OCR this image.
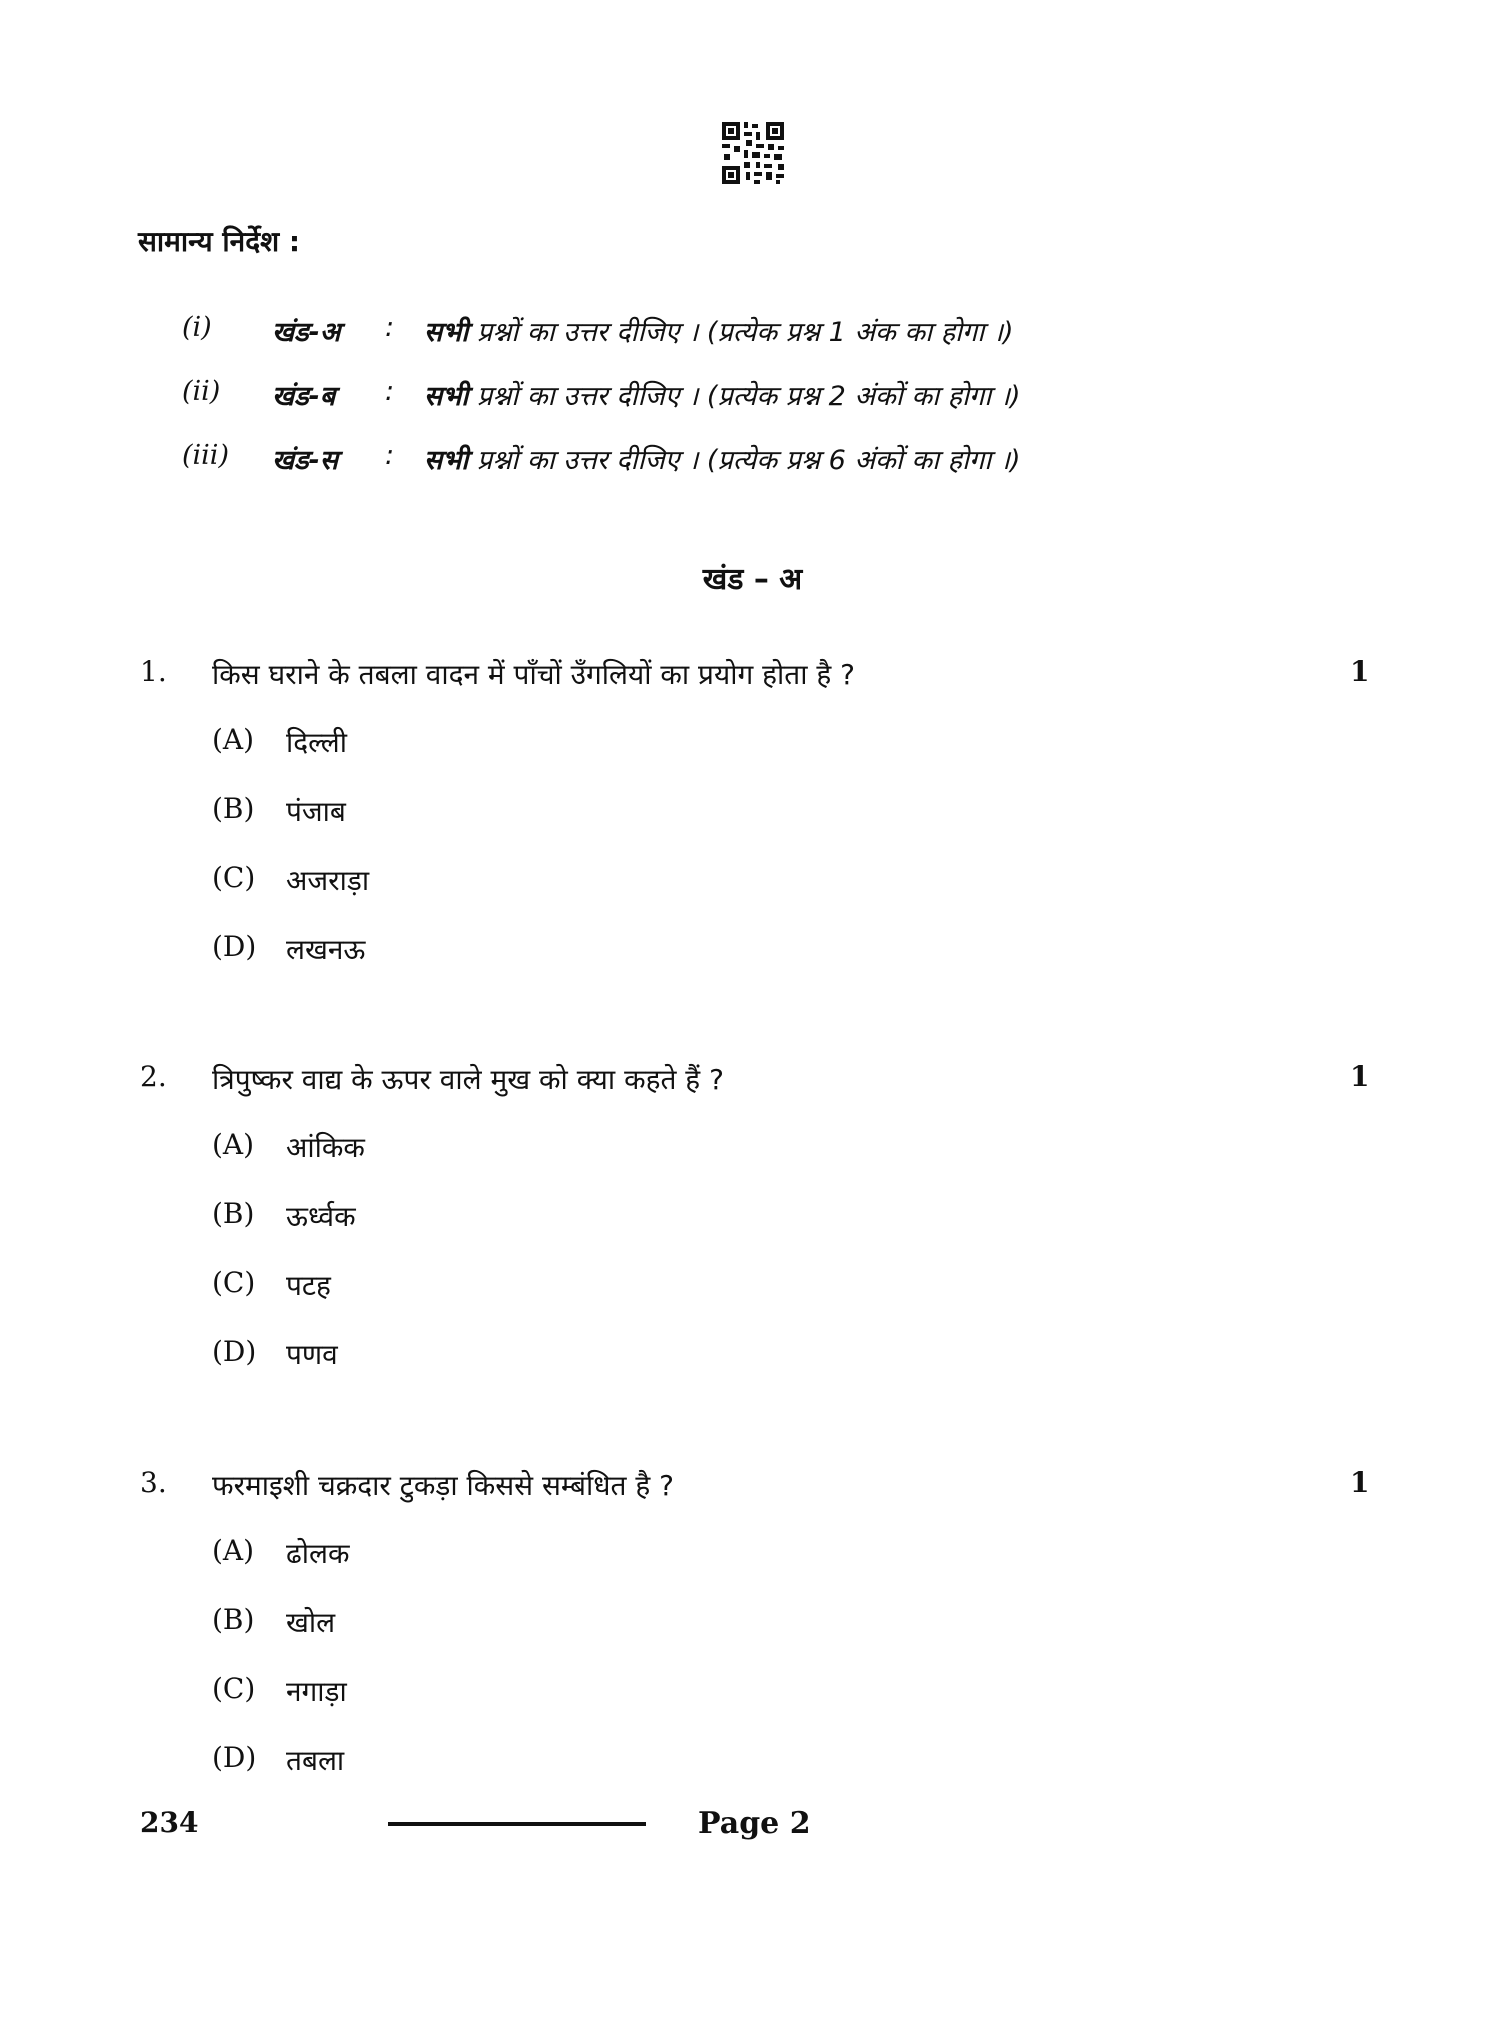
सामान्य निर्देश :
(i) खंड-अ : सभी प्रश्नों का उत्तर दीजिए । (प्रत्येक प्रश्न 1 अंक का होगा ।)
(ii) खंड-ब : सभी प्रश्नों का उत्तर दीजिए । (प्रत्येक प्रश्न 2 अंकों का होगा ।)
(iii) खंड-स : सभी प्रश्नों का उत्तर दीजिए । (प्रत्येक प्रश्न 6 अंकों का होगा ।)
खंड – अ
1. किस घराने के तबला वादन में पाँचों उँगलियों का प्रयोग होता है ?	1
(A) दिल्ली
(B) पंजाब
(C) अजराड़ा
(D) लखनऊ
2. त्रिपुष्कर वाद्य के ऊपर वाले मुख को क्या कहते हैं ?	1
(A) आंकिक
(B) ऊर्ध्वक
(C) पटह
(D) पणव
3. फरमाइशी चक्रदार टुकड़ा किससे सम्बंधित है ?	1
(A) ढोलक
(B) खोल
(C) नगाड़ा
(D) तबला
234	Page 2
